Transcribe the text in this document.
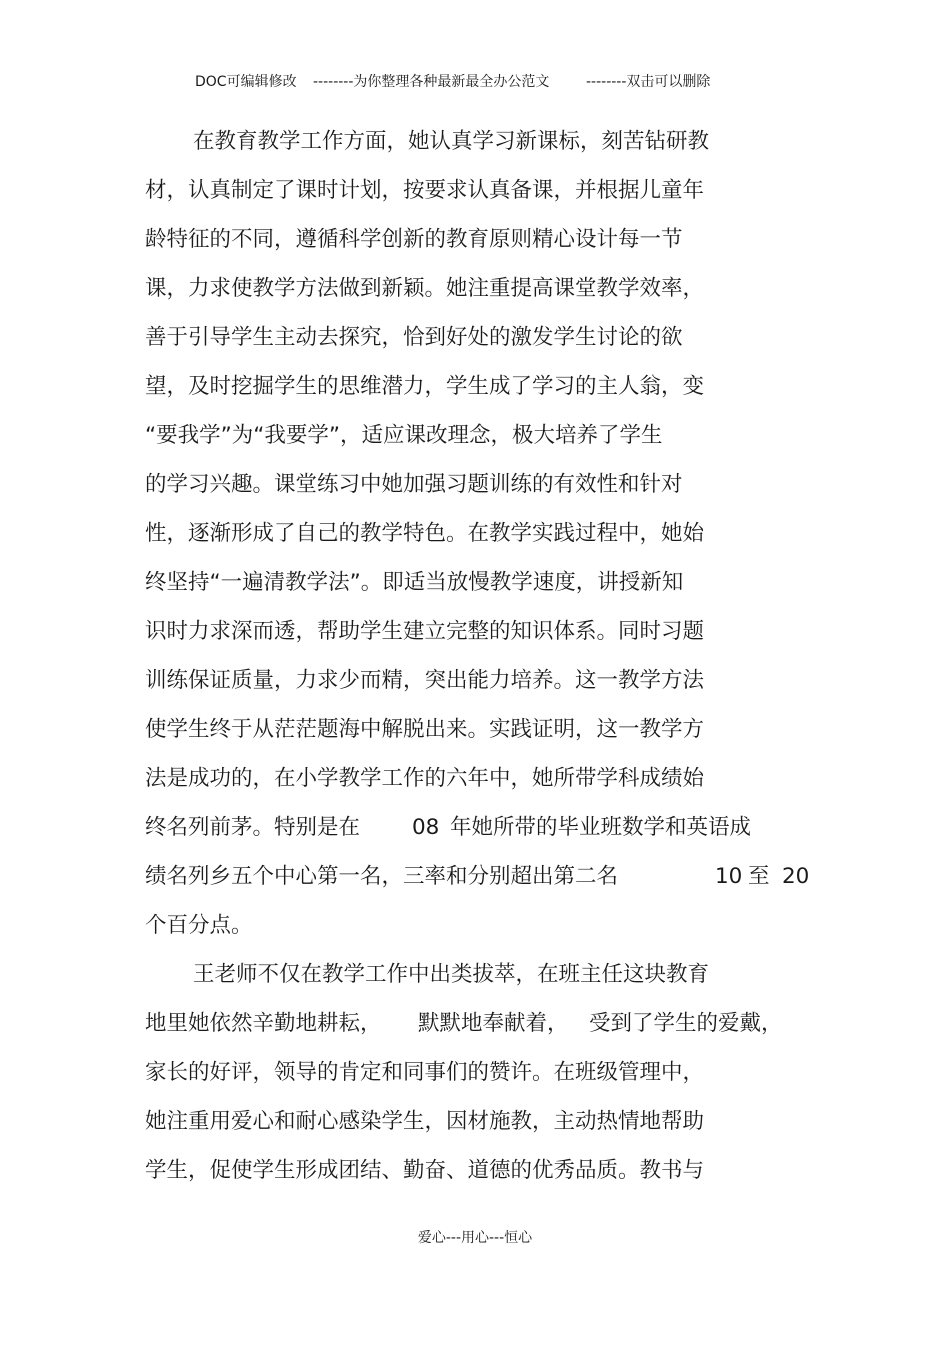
DOC可编辑修改 --------为你整理各种最新最全办公范文	--------双击可以删除
在教育教学工作方面，她认真学习新课标，刻苦钻研教
材，认真制定了课时计划，按要求认真备课，并根据儿童年
龄特征的不同，遵循科学创新的教育原则精心设计每一节
课，力求使教学方法做到新颖。她注重提高课堂教学效率，
善于引导学生主动去探究，恰到好处的激发学生讨论的欲
望，及时挖掘学生的思维潜力，学生成了学习的主人翁，变
“要我学”为“我要学”，适应课改理念，极大培养了学生
的学习兴趣。课堂练习中她加强习题训练的有效性和针对
性，逐渐形成了自己的教学特色。在教学实践过程中，她始
终坚持“一遍清教学法”。即适当放慢教学速度，讲授新知
识时力求深而透，帮助学生建立完整的知识体系。同时习题
训练保证质量，力求少而精，突出能力培养。这一教学方法
使学生终于从茫茫题海中解脱出来。实践证明，这一教学方
法是成功的，在小学教学工作的六年中，她所带学科成绩始
终名列前茅。特别是在 08 年她所带的毕业班数学和英语成
绩名列乡五个中心第一名，三率和分别超出第二名	10 至 20
个百分点。
王老师不仅在教学工作中出类拔萃，在班主任这块教育
地里她依然辛勤地耕耘， 默默地奉献着， 受到了学生的爱戴，
家长的好评，领导的肯定和同事们的赞许。在班级管理中，
她注重用爱心和耐心感染学生，因材施教，主动热情地帮助
学生，促使学生形成团结、勤奋、道德的优秀品质。教书与
爱心---用心---恒心
